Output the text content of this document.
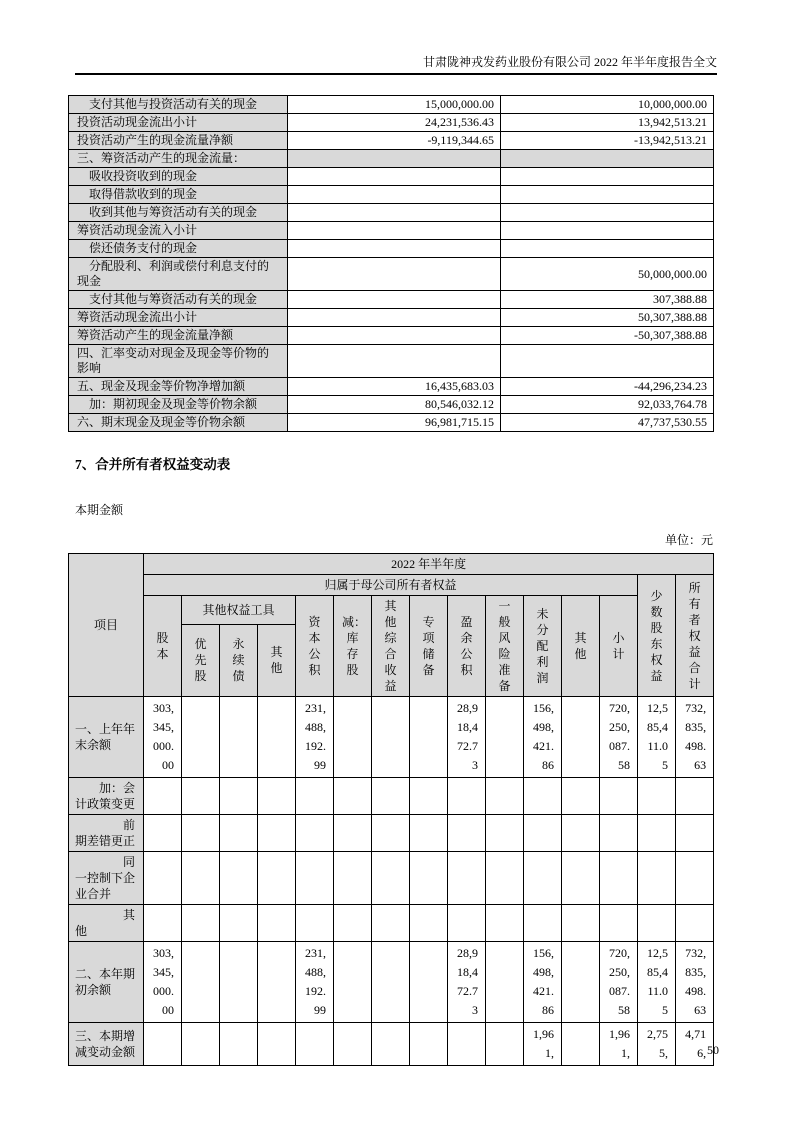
甘肃陇神戎发药业股份有限公司 2022 年半年度报告全文
　支付其他与投资活动有关的现金	15,000,000.00	10,000,000.00
投资活动现金流出小计	24,231,536.43	13,942,513.21
投资活动产生的现金流量净额	-9,119,344.65	-13,942,513.21
三、筹资活动产生的现金流量：		
　吸收投资收到的现金		
　取得借款收到的现金		
　收到其他与筹资活动有关的现金		
筹资活动现金流入小计		
　偿还债务支付的现金		
　分配股利、利润或偿付利息支付的现金		50,000,000.00
　支付其他与筹资活动有关的现金		307,388.88
筹资活动现金流出小计		50,307,388.88
筹资活动产生的现金流量净额		-50,307,388.88
四、汇率变动对现金及现金等价物的影响		
五、现金及现金等价物净增加额	16,435,683.03	-44,296,234.23
　加：期初现金及现金等价物余额	80,546,032.12	92,033,764.78
六、期末现金及现金等价物余额	96,981,715.15	47,737,530.55
7、合并所有者权益变动表
本期金额
单位：元
项目	2022 年半年度														
	归属于母公司所有者权益													少数股东权益	所有者权益合计
	股本	其他权益工具			资本公积	减：库存股	其他综合收益	专项储备	盈余公积	一般风险准备	未分配利润	其他	小计		
		优先股	永续债	其他											
一、上年年末余额	303,345,000.00				231,488,192.99				28,918,472.73		156,498,421.86		720,250,087.58	12,585,411.05	732,835,498.63
　　加：会计政策变更															
　　　　前期差错更正															
　　　　同一控制下企业合并															
　　　　其他															
二、本年期初余额	303,345,000.00				231,488,192.99				28,918,472.73		156,498,421.86		720,250,087.58	12,585,411.05	732,835,498.63
三、本期增减变动金额											1,961,		1,961,	2,755,	4,716, 50
